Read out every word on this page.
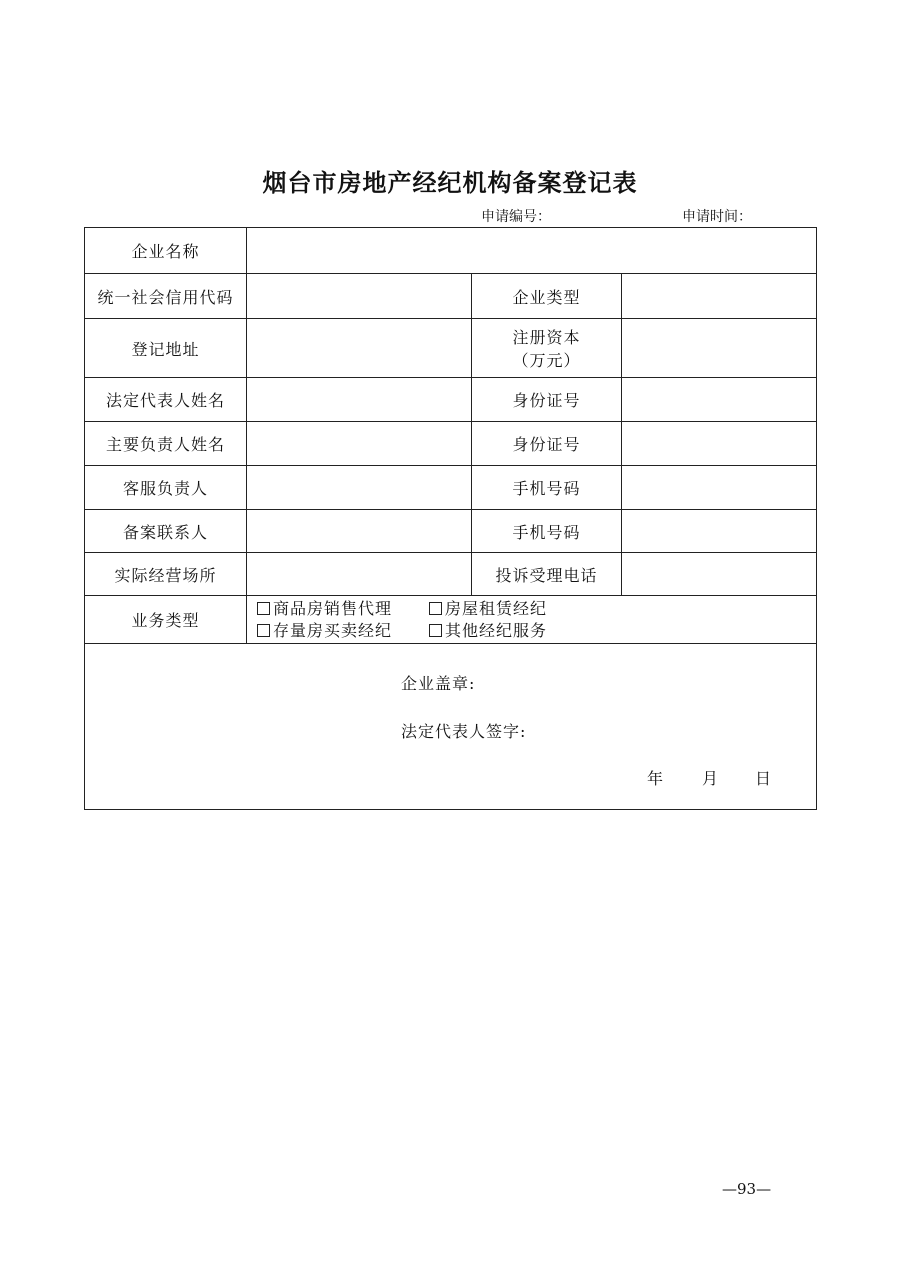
烟台市房地产经纪机构备案登记表
申请编号：	申请时间：
企业名称			
统一社会信用代码		企业类型	
登记地址		注册资本
（万元）	

法定代表人姓名		身份证号	
主要负责人姓名		身份证号	
客服负责人		手机号码	
备案联系人		手机号码	
实际经营场所		投诉受理电话	
业务类型	商品房销售代理 房屋租赁经纪
存量房买卖经纪 其他经纪服务		

企业盖章:
法定代表人签字:
年 月 日			
—93—
